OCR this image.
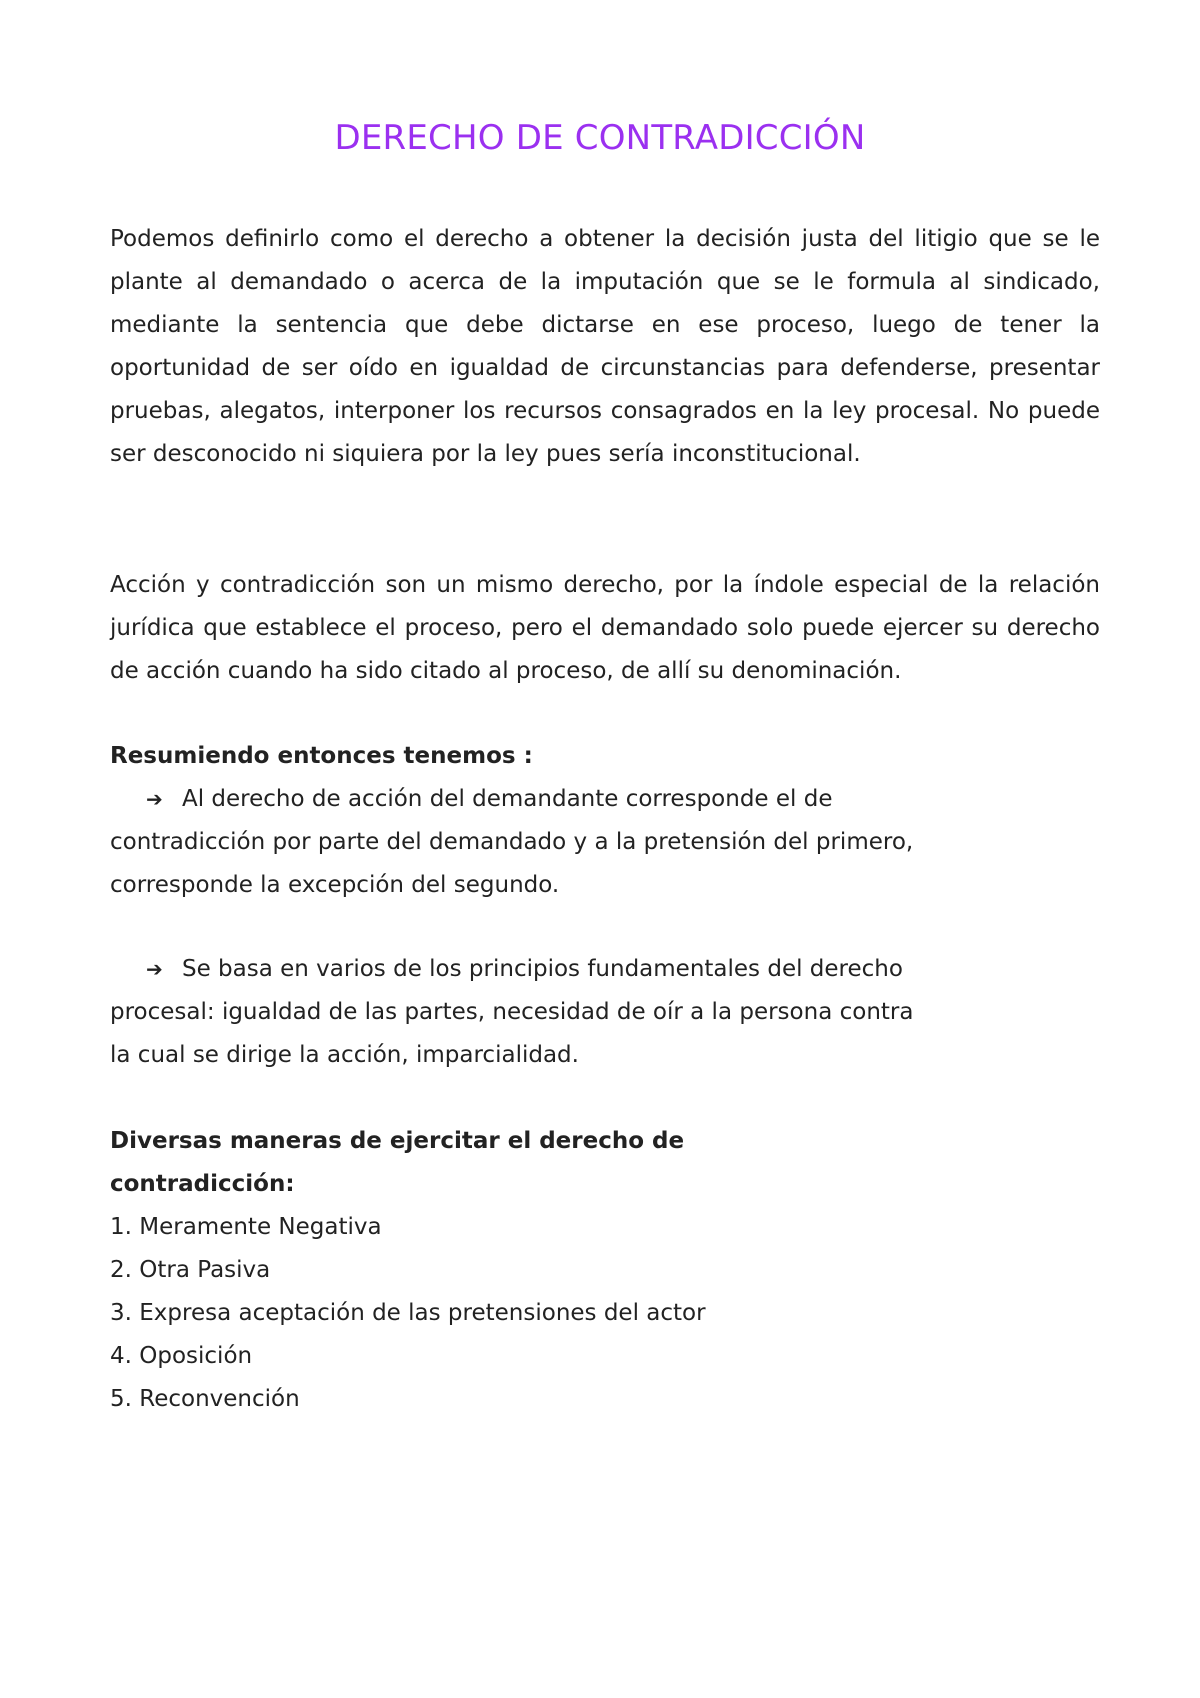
DERECHO DE CONTRADICCIÓN

Podemos definirlo como el derecho a obtener la decisión justa del litigio que se le plante al demandado o acerca de la imputación que se le formula al sindicado, mediante la sentencia que debe dictarse en ese proceso, luego de tener la oportunidad de ser oído en igualdad de circunstancias para defenderse, presentar pruebas, alegatos, interponer los recursos consagrados en la ley procesal. No puede ser desconocido ni siquiera por la ley pues sería inconstitucional.

Acción y contradicción son un mismo derecho, por la índole especial de la relación jurídica que establece el proceso, pero el demandado solo puede ejercer su derecho de acción cuando ha sido citado al proceso, de allí su denominación.

Resumiendo entonces tenemos :

➔ Al derecho de acción del demandante corresponde el de
contradicción por parte del demandado y a la pretensión del primero,
corresponde la excepción del segundo.
➔ Se basa en varios de los principios fundamentales del derecho
procesal: igualdad de las partes, necesidad de oír a la persona contra
la cual se dirige la acción, imparcialidad.
Diversas maneras de ejercitar el derecho de
contradicción:
1. Meramente Negativa
2. Otra Pasiva
3. Expresa aceptación de las pretensiones del actor
4. Oposición
5. Reconvención
